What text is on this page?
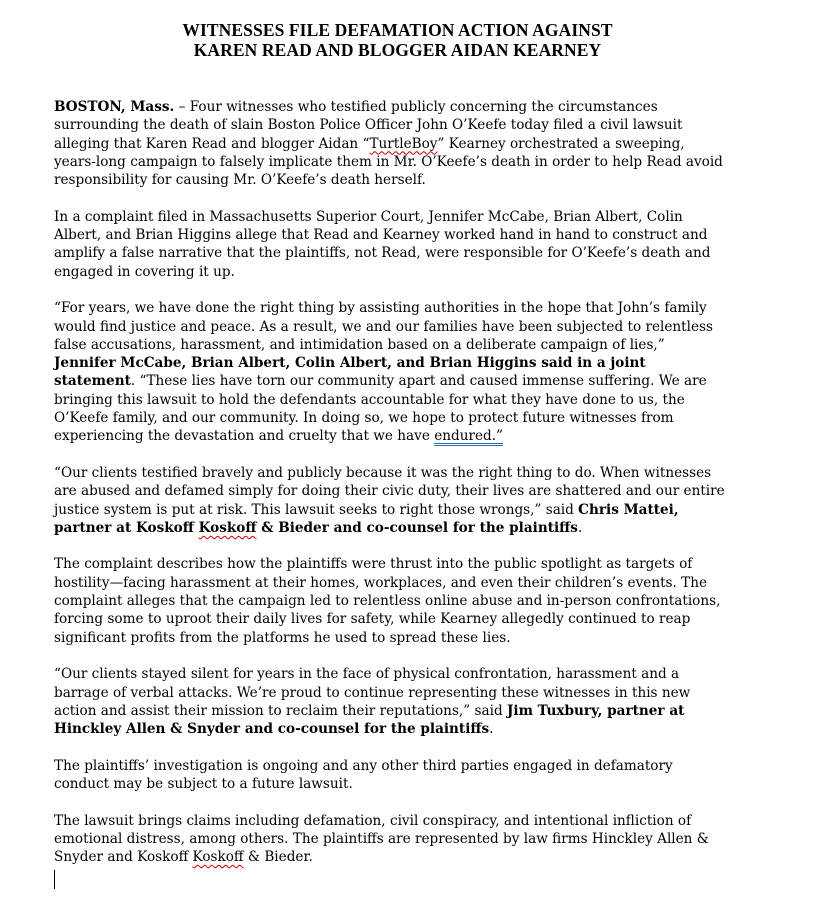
WITNESSES FILE DEFAMATION ACTION AGAINST
KAREN READ AND BLOGGER AIDAN KEARNEY
BOSTON, Mass. – Four witnesses who testified publicly concerning the circumstances
surrounding the death of slain Boston Police Officer John O’Keefe today filed a civil lawsuit
alleging that Karen Read and blogger Aidan “TurtleBoy” Kearney orchestrated a sweeping,
years-long campaign to falsely implicate them in Mr. O’Keefe’s death in order to help Read avoid
responsibility for causing Mr. O’Keefe’s death herself.
In a complaint filed in Massachusetts Superior Court, Jennifer McCabe, Brian Albert, Colin
Albert, and Brian Higgins allege that Read and Kearney worked hand in hand to construct and
amplify a false narrative that the plaintiffs, not Read, were responsible for O’Keefe’s death and
engaged in covering it up.
“For years, we have done the right thing by assisting authorities in the hope that John’s family
would find justice and peace. As a result, we and our families have been subjected to relentless
false accusations, harassment, and intimidation based on a deliberate campaign of lies,”
Jennifer McCabe, Brian Albert, Colin Albert, and Brian Higgins said in a joint
statement. “These lies have torn our community apart and caused immense suffering. We are
bringing this lawsuit to hold the defendants accountable for what they have done to us, the
O’Keefe family, and our community. In doing so, we hope to protect future witnesses from
experiencing the devastation and cruelty that we have endured.”
“Our clients testified bravely and publicly because it was the right thing to do. When witnesses
are abused and defamed simply for doing their civic duty, their lives are shattered and our entire
justice system is put at risk. This lawsuit seeks to right those wrongs,” said Chris Mattei,
partner at Koskoff Koskoff & Bieder and co-counsel for the plaintiffs.
The complaint describes how the plaintiffs were thrust into the public spotlight as targets of
hostility—facing harassment at their homes, workplaces, and even their children’s events. The
complaint alleges that the campaign led to relentless online abuse and in-person confrontations,
forcing some to uproot their daily lives for safety, while Kearney allegedly continued to reap
significant profits from the platforms he used to spread these lies.
“Our clients stayed silent for years in the face of physical confrontation, harassment and a
barrage of verbal attacks. We’re proud to continue representing these witnesses in this new
action and assist their mission to reclaim their reputations,” said Jim Tuxbury, partner at
Hinckley Allen & Snyder and co-counsel for the plaintiffs.
The plaintiffs’ investigation is ongoing and any other third parties engaged in defamatory
conduct may be subject to a future lawsuit.
The lawsuit brings claims including defamation, civil conspiracy, and intentional infliction of
emotional distress, among others. The plaintiffs are represented by law firms Hinckley Allen &
Snyder and Koskoff Koskoff & Bieder.
